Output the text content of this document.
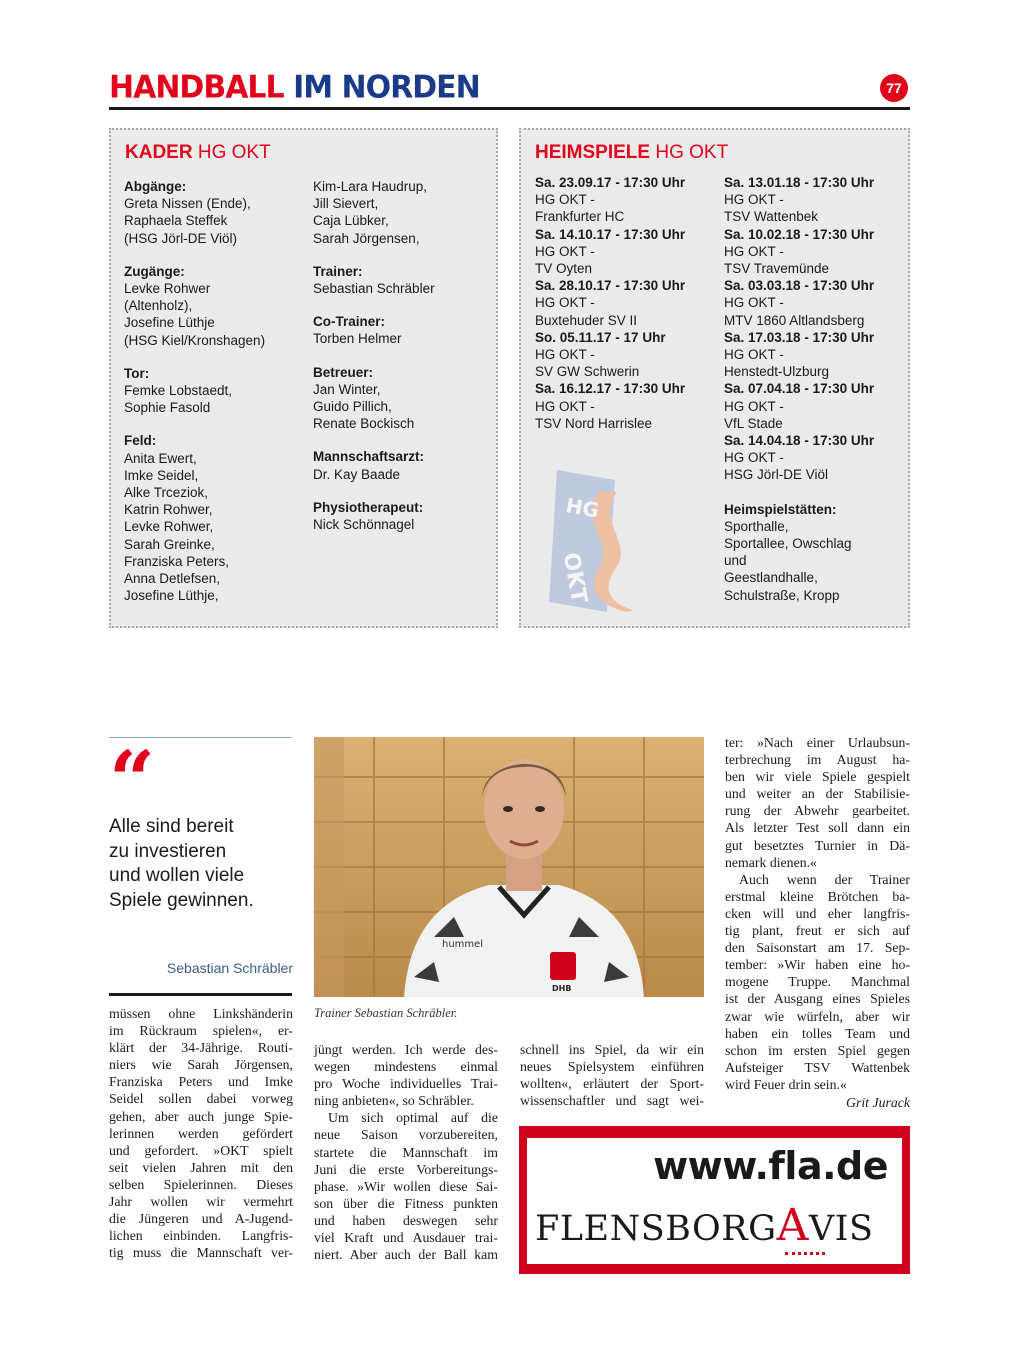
HANDBALL IM NORDEN	77
KADER HG OKT
Abgänge:
Greta Nissen (Ende),
Raphaela Steffek
(HSG Jörl-DE Viöl)
Zugänge:
Levke Rohwer
(Altenholz),
Josefine Lüthje
(HSG Kiel/Kronshagen)
Tor:
Femke Lobstaedt,
Sophie Fasold
Feld:
Anita Ewert,
Imke Seidel,
Alke Trceziok,
Katrin Rohwer,
Levke Rohwer,
Sarah Greinke,
Franziska Peters,
Anna Detlefsen,
Josefine Lüthje,
Kim-Lara Haudrup,
Jill Sievert,
Caja Lübker,
Sarah Jörgensen,
Trainer:
Sebastian Schräbler
Co-Trainer:
Torben Helmer
Betreuer:
Jan Winter,
Guido Pillich,
Renate Bockisch
Mannschaftsarzt:
Dr. Kay Baade
Physiotherapeut:
Nick Schönnagel
HG
OKT
HEIMSPIELE HG OKT
Sa. 23.09.17 - 17:30 Uhr
HG OKT -
Frankfurter HC
Sa. 14.10.17 - 17:30 Uhr
HG OKT -
TV Oyten
Sa. 28.10.17 - 17:30 Uhr
HG OKT -
Buxtehuder SV II
So. 05.11.17 - 17 Uhr
HG OKT -
SV GW Schwerin
Sa. 16.12.17 - 17:30 Uhr
HG OKT -
TSV Nord Harrislee
Sa. 13.01.18 - 17:30 Uhr
HG OKT -
TSV Wattenbek
Sa. 10.02.18 - 17:30 Uhr
HG OKT -
TSV Travemünde
Sa. 03.03.18 - 17:30 Uhr
HG OKT -
MTV 1860 Altlandsberg
Sa. 17.03.18 - 17:30 Uhr
HG OKT -
Henstedt-Ulzburg
Sa. 07.04.18 - 17:30 Uhr
HG OKT -
VfL Stade
Sa. 14.04.18 - 17:30 Uhr
HG OKT -
HSG Jörl-DE Viöl
Heimspielstätten:
Sporthalle,
Sportallee, Owschlag
und
Geestlandhalle,
Schulstraße, Kropp
“
Alle sind bereit
zu investieren
und wollen viele
Spiele gewinnen.
Sebastian Schräbler
hummel
DHB
Trainer Sebastian Schräbler.
müssen ohne Linkshänderin
im Rückraum spielen«, er-
klärt der 34-Jährige. Routi-
niers wie Sarah Jörgensen,
Franziska Peters und Imke
Seidel sollen dabei vorweg
gehen, aber auch junge Spie-
lerinnen werden gefördert
und gefordert. »OKT spielt
seit vielen Jahren mit den
selben Spielerinnen. Dieses
Jahr wollen wir vermehrt
die Jüngeren und A-Jugend-
lichen einbinden. Langfris-
tig muss die Mannschaft ver-
jüngt werden. Ich werde des-
wegen mindestens einmal
pro Woche individuelles Trai-
ning anbieten«, so Schräbler.
Um sich optimal auf die
neue Saison vorzubereiten,
startete die Mannschaft im
Juni die erste Vorbereitungs-
phase. »Wir wollen diese Sai-
son über die Fitness punkten
und haben deswegen sehr
viel Kraft und Ausdauer trai-
niert. Aber auch der Ball kam
schnell ins Spiel, da wir ein
neues Spielsystem einführen
wollten«, erläutert der Sport-
wissenschaftler und sagt wei-
ter: »Nach einer Urlaubsun-
terbrechung im August ha-
ben wir viele Spiele gespielt
und weiter an der Stabilisie-
rung der Abwehr gearbeitet.
Als letzter Test soll dann ein
gut besetztes Turnier in Dä-
nemark dienen.«
Auch wenn der Trainer
erstmal kleine Brötchen ba-
cken will und eher langfris-
tig plant, freut er sich auf
den Saisonstart am 17. Sep-
tember: »Wir haben eine ho-
mogene Truppe. Manchmal
ist der Ausgang eines Spieles
zwar wie würfeln, aber wir
haben ein tolles Team und
schon im ersten Spiel gegen
Aufsteiger TSV Wattenbek
wird Feuer drin sein.«
Grit Jurack
www.fla.de
FLENSBORGAVIS
